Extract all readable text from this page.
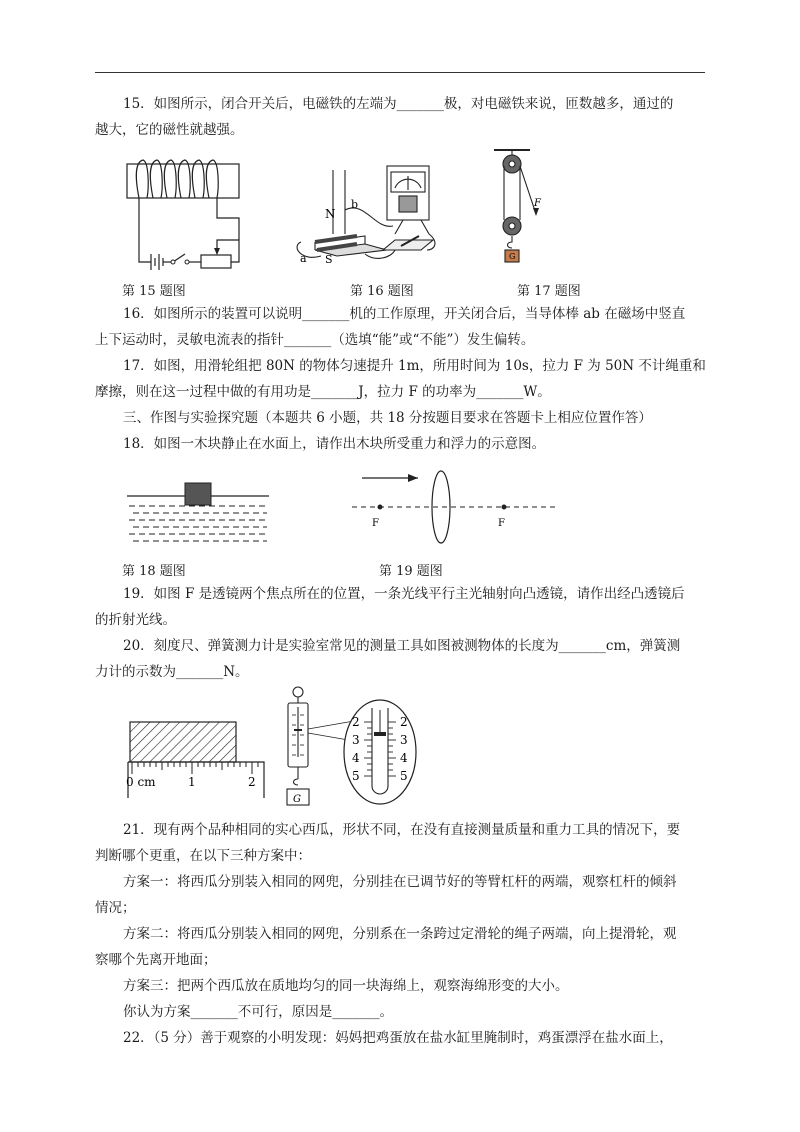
15．如图所示，闭合开关后，电磁铁的左端为_______极，对电磁铁来说，匝数越多，通过的
越大，它的磁性就越强。
N
S
a
b	F
G
第 15 题图	第 16 题图	第 17 题图
16．如图所示的装置可以说明_______机的工作原理，开关闭合后，当导体棒 ab 在磁场中竖直
上下运动时，灵敏电流表的指针_______（选填“能”或“不能”）发生偏转。
17．如图，用滑轮组把 80N 的物体匀速提升 1m，所用时间为 10s，拉力 F 为 50N 不计绳重和
摩擦，则在这一过程中做的有用功是_______J，拉力 F 的功率为_______W。
三、作图与实验探究题（本题共 6 小题，共 18 分按题目要求在答题卡上相应位置作答）
18．如图一木块静止在水面上，请作出木块所受重力和浮力的示意图。
F	F
第 18 题图	第 19 题图
19．如图 F 是透镜两个焦点所在的位置，一条光线平行主光轴射向凸透镜，请作出经凸透镜后
的折射光线。
20．刻度尺、弹簧测力计是实验室常见的测量工具如图被测物体的长度为_______cm，弹簧测
力计的示数为_______N。
0 cm	1	2
G
2	2
3	3
4	4
5	5
21．现有两个品种相同的实心西瓜，形状不同，在没有直接测量质量和重力工具的情况下，要
判断哪个更重，在以下三种方案中：
方案一：将西瓜分别装入相同的网兜，分别挂在已调节好的等臂杠杆的两端，观察杠杆的倾斜
情况；
方案二：将西瓜分别装入相同的网兜，分别系在一条跨过定滑轮的绳子两端，向上提滑轮，观
察哪个先离开地面；
方案三：把两个西瓜放在质地均匀的同一块海绵上，观察海绵形变的大小。
你认为方案_______不可行，原因是_______。
22．（5 分）善于观察的小明发现：妈妈把鸡蛋放在盐水缸里腌制时，鸡蛋漂浮在盐水面上，
